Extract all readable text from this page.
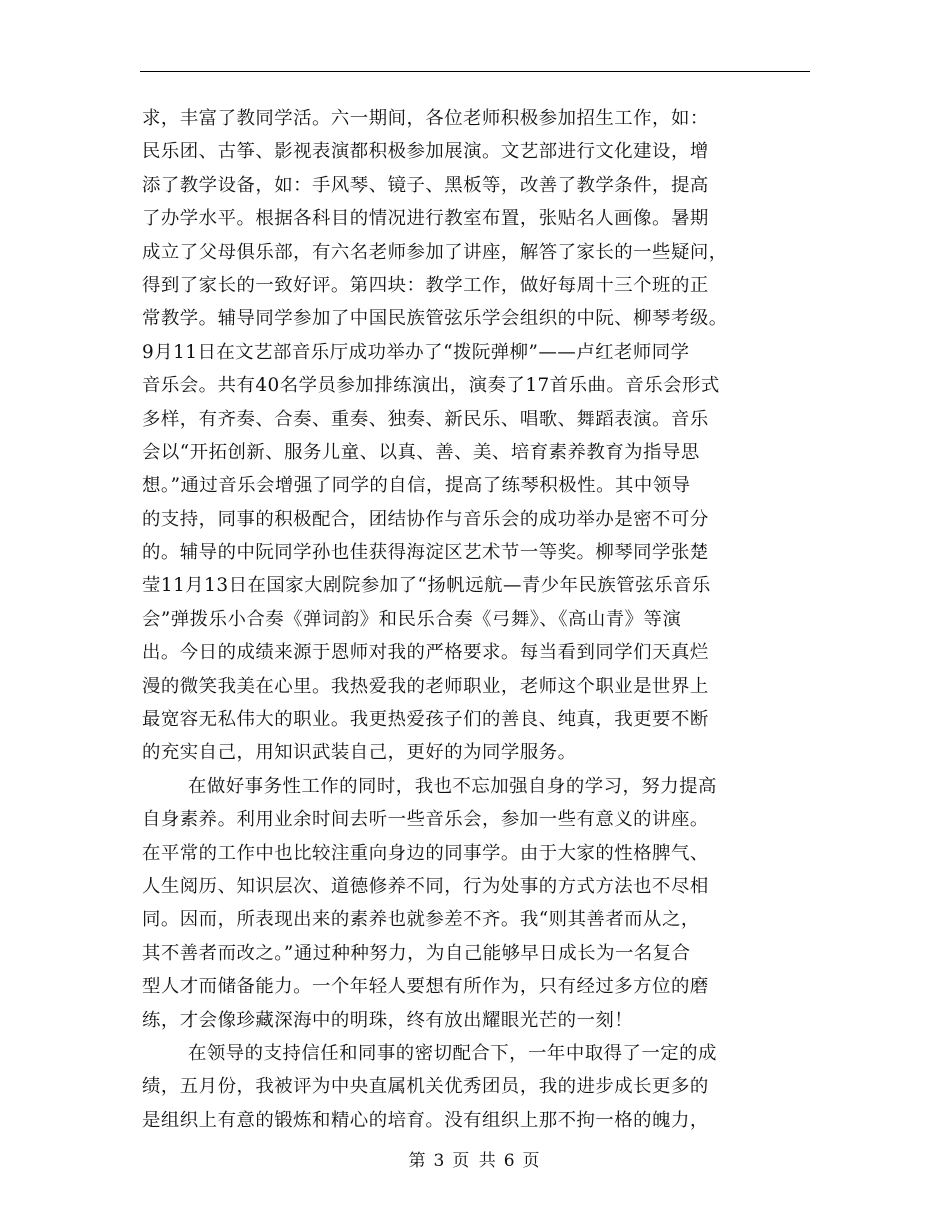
求，丰富了教同学活。六一期间，各位老师积极参加招生工作，如：
民乐团、古筝、影视表演都积极参加展演。文艺部进行文化建设，增
添了教学设备，如：手风琴、镜子、黑板等，改善了教学条件，提高
了办学水平。根据各科目的情况进行教室布置，张贴名人画像。暑期
成立了父母俱乐部，有六名老师参加了讲座，解答了家长的一些疑问，
得到了家长的一致好评。第四块：教学工作，做好每周十三个班的正
常教学。辅导同学参加了中国民族管弦乐学会组织的中阮、柳琴考级。
9月11日在文艺部音乐厅成功举办了“拨阮弹柳”——卢红老师同学
音乐会。共有40名学员参加排练演出，演奏了17首乐曲。音乐会形式
多样，有齐奏、合奏、重奏、独奏、新民乐、唱歌、舞蹈表演。音乐
会以“开拓创新、服务儿童、以真、善、美、培育素养教育为指导思
想。”通过音乐会增强了同学的自信，提高了练琴积极性。其中领导
的支持，同事的积极配合，团结协作与音乐会的成功举办是密不可分
的。辅导的中阮同学孙也佳获得海淀区艺术节一等奖。柳琴同学张楚
莹11月13日在国家大剧院参加了“扬帆远航—青少年民族管弦乐音乐
会”弹拨乐小合奏《弹词韵》和民乐合奏《弓舞》、《高山青》等演
出。今日的成绩来源于恩师对我的严格要求。每当看到同学们天真烂
漫的微笑我美在心里。我热爱我的老师职业，老师这个职业是世界上
最宽容无私伟大的职业。我更热爱孩子们的善良、纯真，我更要不断
的充实自己，用知识武装自己，更好的为同学服务。
在做好事务性工作的同时，我也不忘加强自身的学习，努力提高
自身素养。利用业余时间去听一些音乐会，参加一些有意义的讲座。
在平常的工作中也比较注重向身边的同事学。由于大家的性格脾气、
人生阅历、知识层次、道德修养不同，行为处事的方式方法也不尽相
同。因而，所表现出来的素养也就参差不齐。我“则其善者而从之，
其不善者而改之。”通过种种努力，为自己能够早日成长为一名复合
型人才而储备能力。一个年轻人要想有所作为，只有经过多方位的磨
练，才会像珍藏深海中的明珠，终有放出耀眼光芒的一刻！
在领导的支持信任和同事的密切配合下，一年中取得了一定的成
绩，五月份，我被评为中央直属机关优秀团员，我的进步成长更多的
是组织上有意的锻炼和精心的培育。没有组织上那不拘一格的魄力，
第 3 页 共 6 页
